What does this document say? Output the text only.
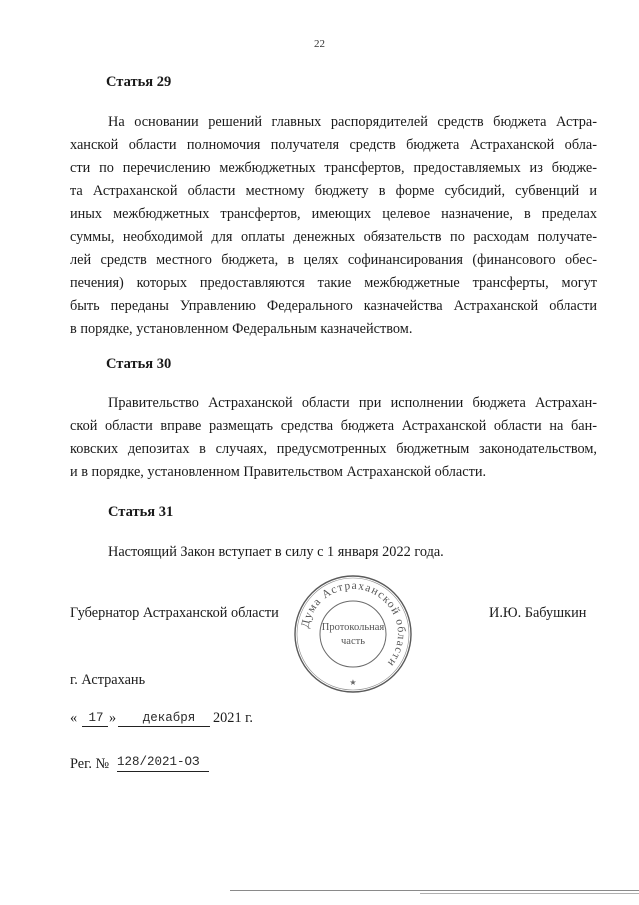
22
Статья 29
На основании решений главных распорядителей средств бюджета Астра-
ханской области полномочия получателя средств бюджета Астраханской обла-
сти по перечислению межбюджетных трансфертов, предоставляемых из бюдже-
та Астраханской области местному бюджету в форме субсидий, субвенций и
иных межбюджетных трансфертов, имеющих целевое назначение, в пределах
суммы, необходимой для оплаты денежных обязательств по расходам получате-
лей средств местного бюджета, в целях софинансирования (финансового обес-
печения) которых предоставляются такие межбюджетные трансферты, могут
быть переданы Управлению Федерального казначейства Астраханской области
в порядке, установленном Федеральным казначейством.
Статья 30
Правительство Астраханской области при исполнении бюджета Астрахан-
ской области вправе размещать средства бюджета Астраханской области на бан-
ковских депозитах в случаях, предусмотренных бюджетным законодательством,
и в порядке, установленном Правительством Астраханской области.
Статья 31
Настоящий Закон вступает в силу с 1 января 2022 года.
Губернатор Астраханской области	И.Ю. Бабушкин
Дума Астраханской области
Протокольная
часть
★
г. Астрахань
« 17 »	декабря	2021 г.
Рег. № 128/2021-ОЗ
